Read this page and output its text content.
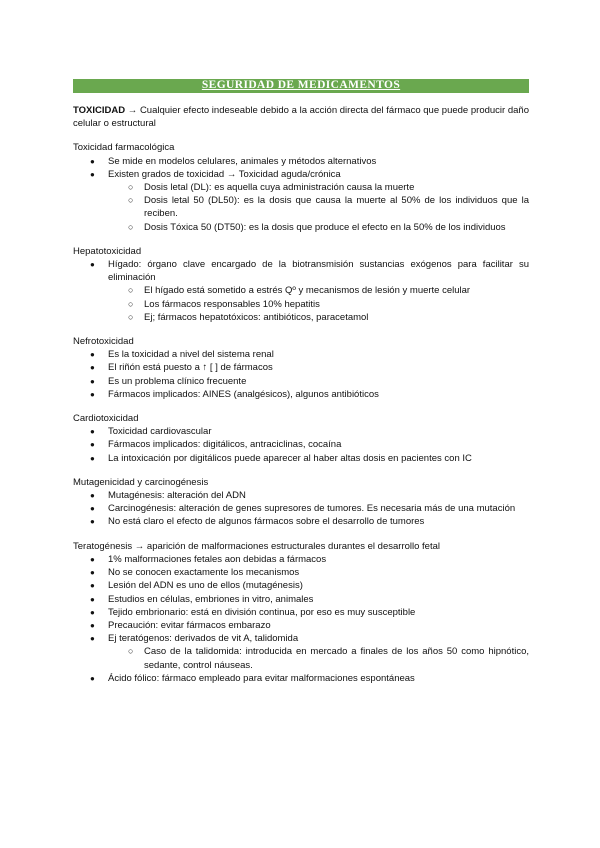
SEGURIDAD DE MEDICAMENTOS

TOXICIDAD → Cualquier efecto indeseable debido a la acción directa del fármaco que puede producir daño celular o estructural

Toxicidad farmacológica

● Se mide en modelos celulares, animales y métodos alternativos
● Existen grados de toxicidad → Toxicidad aguda/crónica
○ Dosis letal (DL): es aquella cuya administración causa la muerte
○ Dosis letal 50 (DL50): es la dosis que causa la muerte al 50% de los individuos que la reciben.
○ Dosis Tóxica 50 (DT50): es la dosis que produce el efecto en la 50% de los individuos

Hepatotoxicidad

● Hígado: órgano clave encargado de la biotransmisión sustancias exógenos para facilitar su eliminación
○ El hígado está sometido a estrés Qº y mecanismos de lesión y muerte celular
○ Los fármacos responsables 10% hepatitis
○ Ej; fármacos hepatotóxicos: antibióticos, paracetamol

Nefrotoxicidad

● Es la toxicidad a nivel del sistema renal
● El riñón está puesto a ↑ [ ] de fármacos
● Es un problema clínico frecuente
● Fármacos implicados: AINES (analgésicos), algunos antibióticos

Cardiotoxicidad

● Toxicidad cardiovascular
● Fármacos implicados: digitálicos, antraciclinas, cocaína
● La intoxicación por digitálicos puede aparecer al haber altas dosis en pacientes con IC

Mutagenicidad y carcinogénesis

● Mutagénesis: alteración del ADN
● Carcinogénesis: alteración de genes supresores de tumores. Es necesaria más de una mutación
● No está claro el efecto de algunos fármacos sobre el desarrollo de tumores

Teratogénesis → aparición de malformaciones estructurales durantes el desarrollo fetal

● 1% malformaciones fetales aon debidas a fármacos
● No se conocen exactamente los mecanismos
● Lesión del ADN es uno de ellos (mutagénesis)
● Estudios en células, embriones in vitro, animales
● Tejido embrionario: está en división continua, por eso es muy susceptible
● Precaución: evitar fármacos embarazo
● Ej teratógenos: derivados de vit A, talidomida
○ Caso de la talidomida: introducida en mercado a finales de los años 50 como hipnótico, sedante, control náuseas.
● Ácido fólico: fármaco empleado para evitar malformaciones espontáneas
